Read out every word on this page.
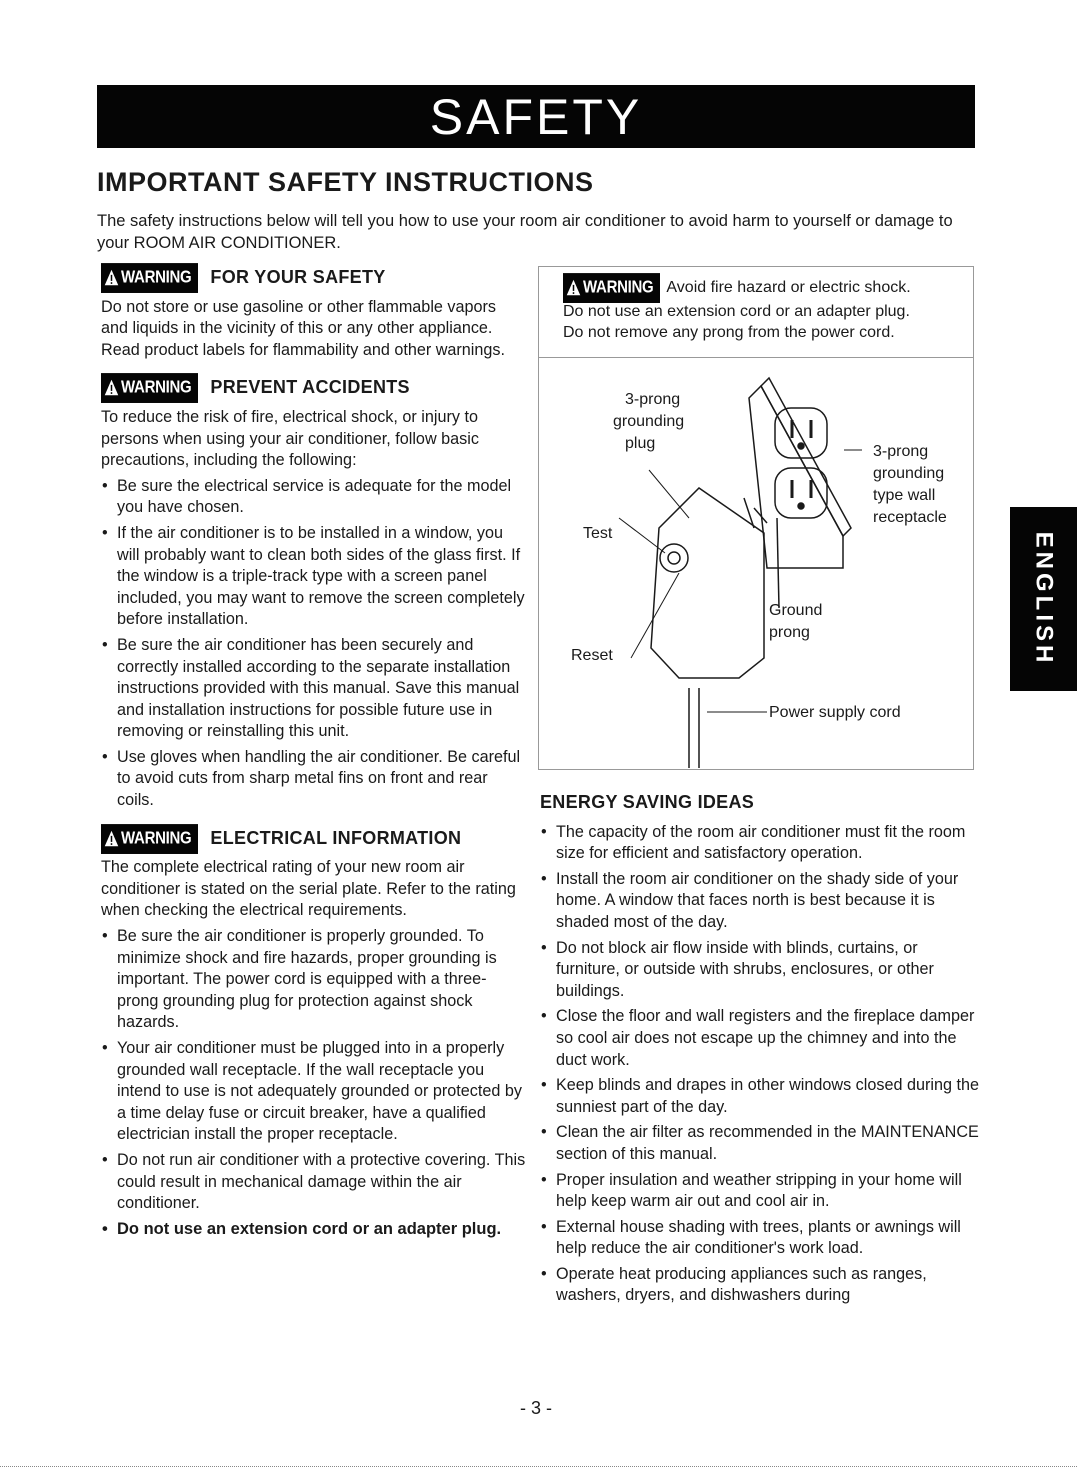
SAFETY
IMPORTANT SAFETY INSTRUCTIONS

The safety instructions below will tell you how to use your room air conditioner to avoid harm to yourself or damage to your ROOM AIR CONDITIONER.

WARNING FOR YOUR SAFETY

Do not store or use gasoline or other flammable vapors and liquids in the vicinity of this or any other appliance. Read product labels for flammability and other warnings.

WARNING PREVENT ACCIDENTS

To reduce the risk of fire, electrical shock, or injury to persons when using your air conditioner, follow basic precautions, including the following:

• Be sure the electrical service is adequate for the model you have chosen.
• If the air conditioner is to be installed in a window, you will probably want to clean both sides of the glass first. If the window is a triple-track type with a screen panel included, you may want to remove the screen completely before installation.
• Be sure the air conditioner has been securely and correctly installed according to the separate installation instructions provided with this manual. Save this manual and installation instructions for possible future use in removing or reinstalling this unit.
• Use gloves when handling the air conditioner. Be careful to avoid cuts from sharp metal fins on front and rear coils.
WARNING ELECTRICAL INFORMATION

The complete electrical rating of your new room air conditioner is stated on the serial plate. Refer to the rating when checking the electrical requirements.

• Be sure the air conditioner is properly grounded. To minimize shock and fire hazards, proper grounding is important. The power cord is equipped with a three-prong grounding plug for protection against shock hazards.
• Your air conditioner must be plugged into in a properly grounded wall receptacle. If the wall receptacle you intend to use is not adequately grounded or protected by a time delay fuse or circuit breaker, have a qualified electrician install the proper receptacle.
• Do not run air conditioner with a protective covering. This could result in mechanical damage within the air conditioner.
• Do not use an extension cord or an adapter plug.
WARNING Avoid fire hazard or electric shock.
Do not use an extension cord or an adapter plug.
Do not remove any prong from the power cord.
3-prong
grounding
plug	3-prong
grounding
type wall
receptacle
Test
Reset
Ground
prong
Power supply cord
ENERGY SAVING IDEAS
• The capacity of the room air conditioner must fit the room size for efficient and satisfactory operation.
• Install the room air conditioner on the shady side of your home. A window that faces north is best because it is shaded most of the day.
• Do not block air flow inside with blinds, curtains, or furniture, or outside with shrubs, enclosures, or other buildings.
• Close the floor and wall registers and the fireplace damper so cool air does not escape up the chimney and into the duct work.
• Keep blinds and drapes in other windows closed during the sunniest part of the day.
• Clean the air filter as recommended in the MAINTENANCE section of this manual.
• Proper insulation and weather stripping in your home will help keep warm air out and cool air in.
• External house shading with trees, plants or awnings will help reduce the air conditioner's work load.
• Operate heat producing appliances such as ranges, washers, dryers, and dishwashers during
- 3 -
ENGLISH
